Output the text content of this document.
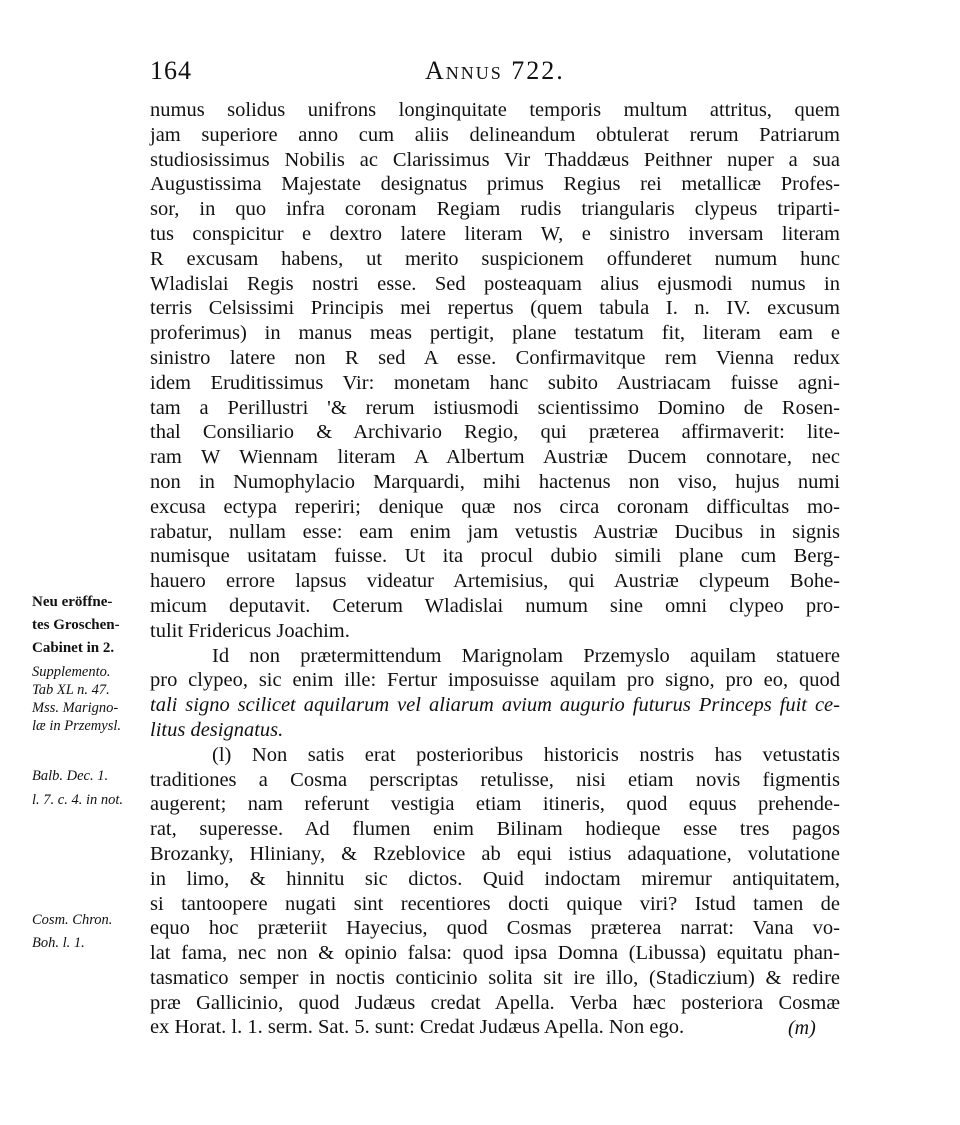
164	Annus 722.
numus solidus unifrons longinquitate temporis multum attritus, quem
jam superiore anno cum aliis delineandum obtulerat rerum Patriarum
studiosissimus Nobilis ac Clarissimus Vir Thaddæus Peithner nuper a sua
Augustissima Majestate designatus primus Regius rei metallicæ Profes-
sor, in quo infra coronam Regiam rudis triangularis clypeus triparti-
tus conspicitur e dextro latere literam W, e sinistro inversam literam
R excusam habens, ut merito suspicionem offunderet numum hunc
Wladislai Regis nostri esse. Sed posteaquam alius ejusmodi numus in
terris Celsissimi Principis mei repertus (quem tabula I. n. IV. excusum
proferimus) in manus meas pertigit, plane testatum fit, literam eam e
sinistro latere non R sed A esse. Confirmavitque rem Vienna redux
idem Eruditissimus Vir: monetam hanc subito Austriacam fuisse agni-
tam a Perillustri '& rerum istiusmodi scientissimo Domino de Rosen-
thal Consiliario & Archivario Regio, qui præterea affirmaverit: lite-
ram W Wiennam literam A Albertum Austriæ Ducem connotare, nec
non in Numophylacio Marquardi, mihi hactenus non viso, hujus numi
excusa ectypa reperiri; denique quæ nos circa coronam difficultas mo-
rabatur, nullam esse: eam enim jam vetustis Austriæ Ducibus in signis
numisque usitatam fuisse. Ut ita procul dubio simili plane cum Berg-
hauero errore lapsus videatur Artemisius, qui Austriæ clypeum Bohe-
micum deputavit. Ceterum Wladislai numum sine omni clypeo pro-
tulit Fridericus Joachim.
Id non prætermittendum Marignolam Przemyslo aquilam statuere
pro clypeo, sic enim ille: Fertur imposuisse aquilam pro signo, pro eo, quod
tali signo scilicet aquilarum vel aliarum avium augurio futurus Princeps fuit ce-
litus designatus.
(l) Non satis erat posterioribus historicis nostris has vetustatis
traditiones a Cosma perscriptas retulisse, nisi etiam novis figmentis
augerent; nam referunt vestigia etiam itineris, quod equus prehende-
rat, superesse. Ad flumen enim Bilinam hodieque esse tres pagos
Brozanky, Hliniany, & Rzeblovice ab equi istius adaquatione, volutatione
in limo, & hinnitu sic dictos. Quid indoctam miremur antiquitatem,
si tantoopere nugati sint recentiores docti quique viri? Istud tamen de
equo hoc præteriit Hayecius, quod Cosmas præterea narrat: Vana vo-
lat fama, nec non & opinio falsa: quod ipsa Domna (Libussa) equitatu phan-
tasmatico semper in noctis conticinio solita sit ire illo, (Stadiczium) & redire
præ Gallicinio, quod Judæus credat Apella. Verba hæc posteriora Cosmæ
ex Horat. l. 1. serm. Sat. 5. sunt: Credat Judæus Apella. Non ego.
Neu eröffne-
tes Groschen-
Cabinet in 2.
Supplemento.
Tab XL n. 47.
Mss. Marigno-
læ in Przemysl.
Balb. Dec. 1.
l. 7. c. 4. in not.
Cosm. Chron.
Boh. l. 1.
(m)
